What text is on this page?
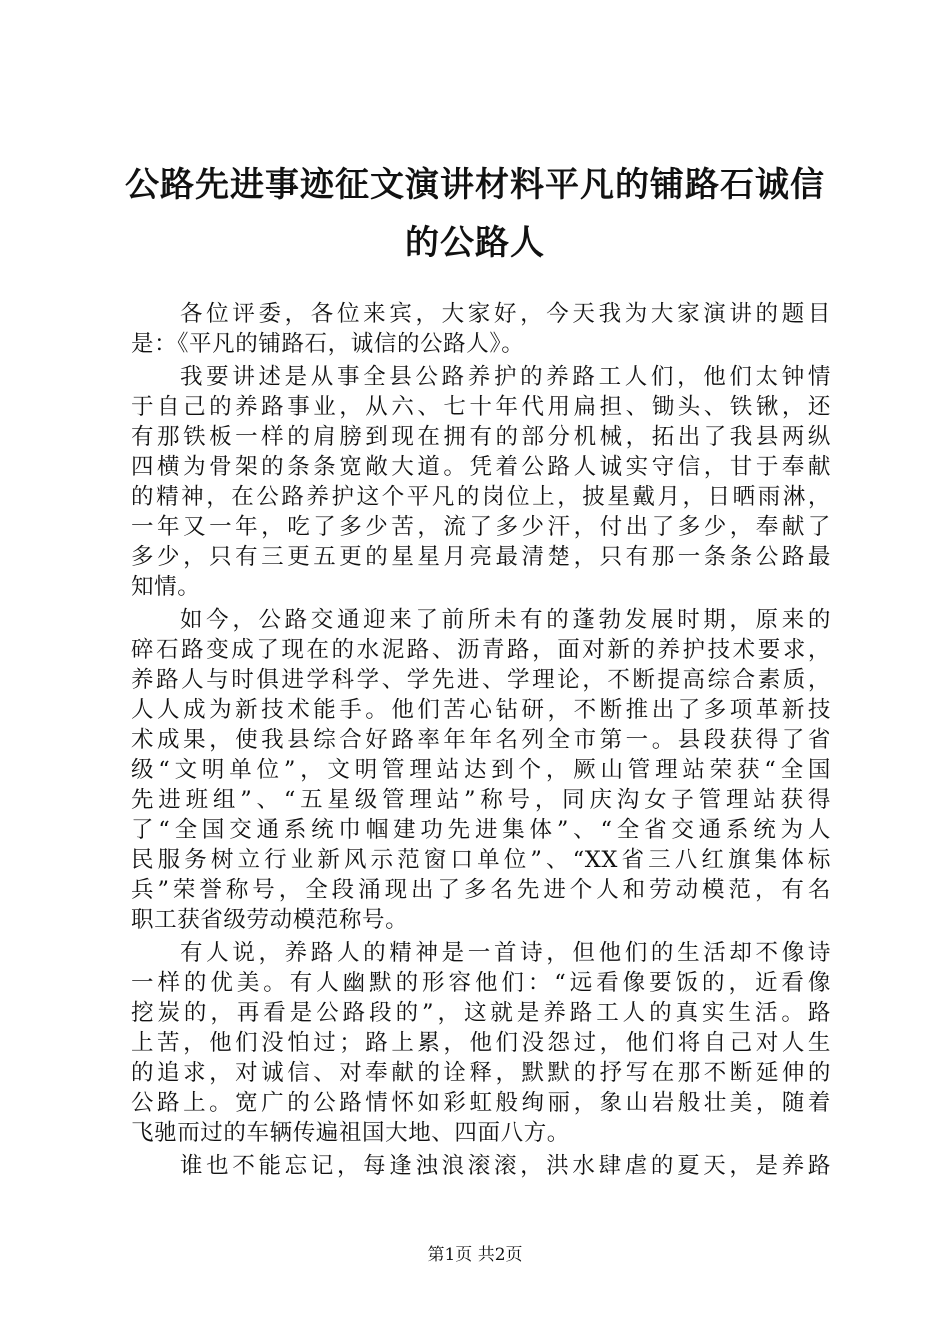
公路先进事迹征文演讲材料平凡的铺路石诚信
的公路人
各位评委，各位来宾，大家好，今天我为大家演讲的题目
是：《平凡的铺路石，诚信的公路人》。
我要讲述是从事全县公路养护的养路工人们，他们太钟情
于自己的养路事业，从六、七十年代用扁担、锄头、铁锹，还
有那铁板一样的肩膀到现在拥有的部分机械，拓出了我县两纵
四横为骨架的条条宽敞大道。凭着公路人诚实守信，甘于奉献
的精神，在公路养护这个平凡的岗位上，披星戴月，日晒雨淋，
一年又一年，吃了多少苦，流了多少汗，付出了多少，奉献了
多少，只有三更五更的星星月亮最清楚，只有那一条条公路最
知情。
如今，公路交通迎来了前所未有的蓬勃发展时期，原来的
碎石路变成了现在的水泥路、沥青路，面对新的养护技术要求，
养路人与时俱进学科学、学先进、学理论，不断提高综合素质，
人人成为新技术能手。他们苦心钻研，不断推出了多项革新技
术成果，使我县综合好路率年年名列全市第一。县段获得了省
级“文明单位”，文明管理站达到个，厥山管理站荣获“全国
先进班组”、“五星级管理站”称号，同庆沟女子管理站获得
了“全国交通系统巾帼建功先进集体”、“全省交通系统为人
民服务树立行业新风示范窗口单位”、“XX省三八红旗集体标
兵”荣誉称号，全段涌现出了多名先进个人和劳动模范，有名
职工获省级劳动模范称号。
有人说，养路人的精神是一首诗，但他们的生活却不像诗
一样的优美。有人幽默的形容他们：“远看像要饭的，近看像
挖炭的，再看是公路段的”，这就是养路工人的真实生活。路
上苦，他们没怕过；路上累，他们没怨过，他们将自己对人生
的追求，对诚信、对奉献的诠释，默默的抒写在那不断延伸的
公路上。宽广的公路情怀如彩虹般绚丽，象山岩般壮美，随着
飞驰而过的车辆传遍祖国大地、四面八方。
谁也不能忘记，每逢浊浪滚滚，洪水肆虐的夏天，是养路
第1页 共2页
